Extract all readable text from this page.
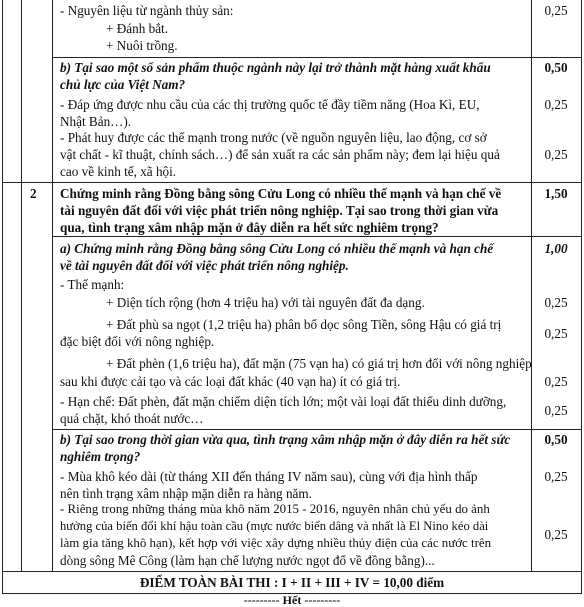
- Nguyên liệu từ ngành thủy sản:
+ Đánh bắt.
+ Nuôi trồng.
0,25
b) Tại sao một số sản phẩm thuộc ngành này lại trở thành mặt hàng xuất khẩu
chủ lực của Việt Nam?
0,50
- Đáp ứng được nhu cầu của các thị trường quốc tế đầy tiềm năng (Hoa Kì, EU,
Nhật Bản…).
0,25
- Phát huy được các thế mạnh trong nước (về nguồn nguyên liệu, lao động, cơ sở
vật chất - kĩ thuật, chính sách…) để sản xuất ra các sản phẩm này; đem lại hiệu quả
cao về kinh tế, xã hội.
0,25
2 Chứng minh rằng Đồng bằng sông Cửu Long có nhiều thế mạnh và hạn chế về
tài nguyên đất đối với việc phát triển nông nghiệp. Tại sao trong thời gian vừa
qua, tình trạng xâm nhập mặn ở đây diễn ra hết sức nghiêm trọng?
1,50
a) Chứng minh rằng Đồng bằng sông Cửu Long có nhiều thế mạnh và hạn chế
về tài nguyên đất đối với việc phát triển nông nghiệp.
1,00
- Thế mạnh:
+ Diện tích rộng (hơn 4 triệu ha) với tài nguyên đất đa dạng.	0,25
+ Đất phù sa ngọt (1,2 triệu ha) phân bố dọc sông Tiền, sông Hậu có giá trị
đặc biệt đối với nông nghiệp.
0,25
+ Đất phèn (1,6 triệu ha), đất mặn (75 vạn ha) có giá trị hơn đối với nông nghiệp
sau khi được cải tạo và các loại đất khác (40 vạn ha) ít có giá trị.	0,25
- Hạn chế: Đất phèn, đất mặn chiếm diện tích lớn; một vài loại đất thiếu dinh dưỡng,
quá chặt, khó thoát nước…
0,25
b) Tại sao trong thời gian vừa qua, tình trạng xâm nhập mặn ở đây diễn ra hết sức
nghiêm trọng?
0,50
- Mùa khô kéo dài (từ tháng XII đến tháng IV năm sau), cùng với địa hình thấp
nên tình trạng xâm nhập mặn diễn ra hàng năm.
0,25
- Riêng trong những tháng mùa khô năm 2015 - 2016, nguyên nhân chủ yếu do ảnh
hưởng của biến đổi khí hậu toàn cầu (mực nước biển dâng và nhất là El Nino kéo dài
làm gia tăng khô hạn), kết hợp với việc xây dựng nhiều thủy điện của các nước trên
dòng sông Mê Công (làm hạn chế lượng nước ngọt đổ về đồng bằng)...
0,25
ĐIỂM TOÀN BÀI THI : I + II + III + IV = 10,00 điểm
--------- Hết ---------
